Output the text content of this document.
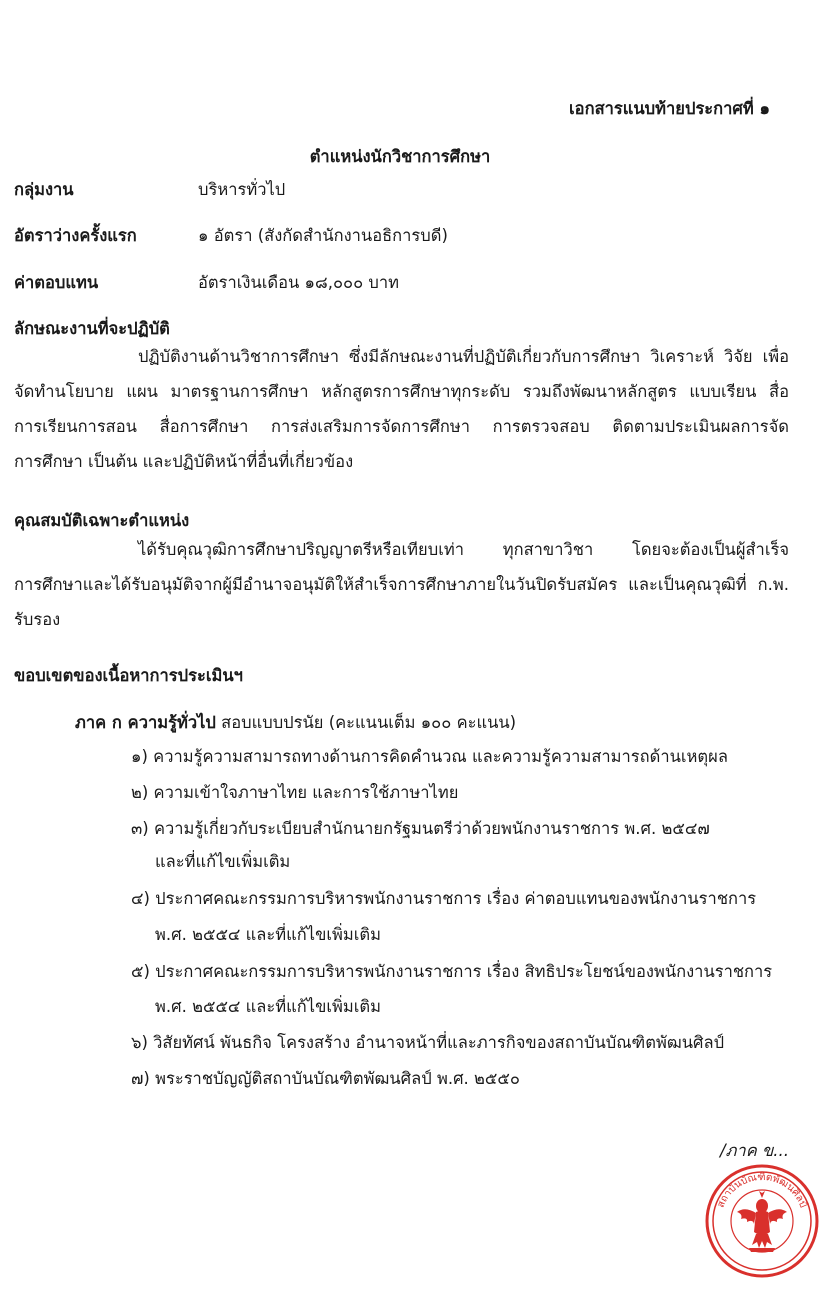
เอกสารแนบท้ายประกาศที่ ๑
ตำแหน่งนักวิชาการศึกษา
กลุ่มงาน	บริหารทั่วไป
อัตราว่างครั้งแรก	๑ อัตรา (สังกัดสำนักงานอธิการบดี)
ค่าตอบแทน	อัตราเงินเดือน ๑๘,๐๐๐ บาท
ลักษณะงานที่จะปฏิบัติ
ปฏิบัติงานด้านวิชาการศึกษา ซึ่งมีลักษณะงานที่ปฏิบัติเกี่ยวกับการศึกษา วิเคราะห์ วิจัย เพื่อ
จัดทำนโยบาย แผน มาตรฐานการศึกษา หลักสูตรการศึกษาทุกระดับ รวมถึงพัฒนาหลักสูตร แบบเรียน สื่อ
การเรียนการสอน สื่อการศึกษา การส่งเสริมการจัดการศึกษา การตรวจสอบ ติดตามประเมินผลการจัด
การศึกษา เป็นต้น และปฏิบัติหน้าที่อื่นที่เกี่ยวข้อง
คุณสมบัติเฉพาะตำแหน่ง
ได้รับคุณวุฒิการศึกษาปริญญาตรีหรือเทียบเท่า ทุกสาขาวิชา โดยจะต้องเป็นผู้สำเร็จ
การศึกษาและได้รับอนุมัติจากผู้มีอำนาจอนุมัติให้สำเร็จการศึกษาภายในวันปิดรับสมัคร และเป็นคุณวุฒิที่ ก.พ.
รับรอง
ขอบเขตของเนื้อหาการประเมินฯ
ภาค ก ความรู้ทั่วไป สอบแบบปรนัย (คะแนนเต็ม ๑๐๐ คะแนน)
๑) ความรู้ความสามารถทางด้านการคิดคำนวณ และความรู้ความสามารถด้านเหตุผล
๒) ความเข้าใจภาษาไทย และการใช้ภาษาไทย
๓) ความรู้เกี่ยวกับระเบียบสำนักนายกรัฐมนตรีว่าด้วยพนักงานราชการ พ.ศ. ๒๕๔๗
และที่แก้ไขเพิ่มเติม
๔) ประกาศคณะกรรมการบริหารพนักงานราชการ เรื่อง ค่าตอบแทนของพนักงานราชการ
พ.ศ. ๒๕๕๔ และที่แก้ไขเพิ่มเติม
๕) ประกาศคณะกรรมการบริหารพนักงานราชการ เรื่อง สิทธิประโยชน์ของพนักงานราชการ
พ.ศ. ๒๕๕๔ และที่แก้ไขเพิ่มเติม
๖) วิสัยทัศน์ พันธกิจ โครงสร้าง อำนาจหน้าที่และภารกิจของสถาบันบัณฑิตพัฒนศิลป์
๗) พระราชบัญญัติสถาบันบัณฑิตพัฒนศิลป์ พ.ศ. ๒๕๕๐
/ภาค ข...
สถาบันบัณฑิตพัฒนศิลป์
